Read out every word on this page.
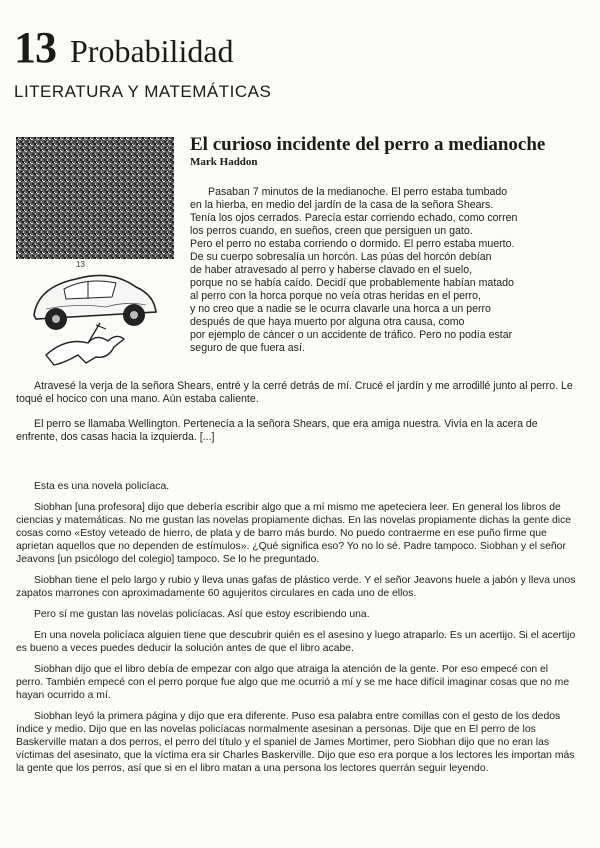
13 Probabilidad
LITERATURA Y MATEMÁTICAS
13
El curioso incidente del perro a medianoche
Mark Haddon
Pasaban 7 minutos de la medianoche. El perro estaba tumbado
en la hierba, en medio del jardín de la casa de la señora Shears.
Tenía los ojos cerrados. Parecía estar corriendo echado, como corren
los perros cuando, en sueños, creen que persiguen un gato.
Pero el perro no estaba corriendo o dormido. El perro estaba muerto.
De su cuerpo sobresalía un horcón. Las púas del horcón debían
de haber atravesado al perro y haberse clavado en el suelo,
porque no se había caído. Decidí que probablemente habían matado
al perro con la horca porque no veía otras heridas en el perro,
y no creo que a nadie se le ocurra clavarle una horca a un perro
después de que haya muerto por alguna otra causa, como
por ejemplo de cáncer o un accidente de tráfico. Pero no podía estar
seguro de que fuera así.

Atravesé la verja de la señora Shears, entré y la cerré detrás de mí. Crucé el jardín y me arrodillé junto al perro. Le toqué el hocico con una mano. Aún estaba caliente.

El perro se llamaba Wellington. Pertenecía a la señora Shears, que era amiga nuestra. Vivía en la acera de enfrente, dos casas hacia la izquierda. [...]

Esta es una novela policíaca.

Siobhan [una profesora] dijo que debería escribir algo que a mí mismo me apeteciera leer. En general los libros de ciencias y matemáticas. No me gustan las novelas propiamente dichas. En las novelas propiamente dichas la gente dice cosas como «Estoy veteado de hierro, de plata y de barro más burdo. No puedo contraerme en ese puño firme que aprietan aquellos que no dependen de estímulos». ¿Qué significa eso? Yo no lo sé. Padre tampoco. Siobhan y el señor Jeavons [un psicólogo del colegio] tampoco. Se lo he preguntado.

Siobhan tiene el pelo largo y rubio y lleva unas gafas de plástico verde. Y el señor Jeavons huele a jabón y lleva unos zapatos marrones con aproximadamente 60 agujeritos circulares en cada uno de ellos.

Pero sí me gustan las novelas policíacas. Así que estoy escribiendo una.

En una novela policíaca alguien tiene que descubrir quién es el asesino y luego atraparlo. Es un acertijo. Si el acertijo es bueno a veces puedes deducir la solución antes de que el libro acabe.

Siobhan dijo que el libro debía de empezar con algo que atraiga la atención de la gente. Por eso empecé con el perro. También empecé con el perro porque fue algo que me ocurrió a mí y se me hace difícil imaginar cosas que no me hayan ocurrido a mí.

Siobhan leyó la primera página y dijo que era diferente. Puso esa palabra entre comillas con el gesto de los dedos índice y medio. Dijo que en las novelas policíacas normalmente asesinan a personas. Dije que en El perro de los Baskerville matan a dos perros, el perro del título y el spaniel de James Mortimer, pero Siobhan dijo que no eran las víctimas del asesinato, que la víctima era sir Charles Baskerville. Dijo que eso era porque a los lectores les importan más la gente que los perros, así que si en el libro matan a una persona los lectores querrán seguir leyendo.
